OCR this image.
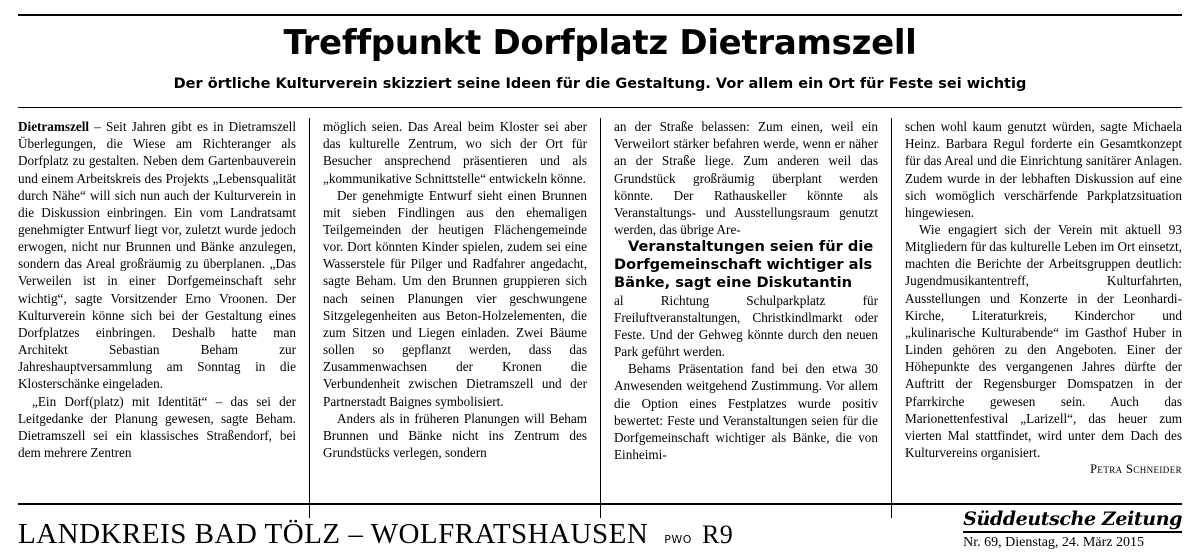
Treffpunkt Dorfplatz Dietramszell
Der örtliche Kulturverein skizziert seine Ideen für die Gestaltung. Vor allem ein Ort für Feste sei wichtig

Dietramszell – Seit Jahren gibt es in Dietramszell Überlegungen, die Wiese am Richteranger als Dorfplatz zu gestalten. Neben dem Gartenbauverein und einem Arbeitskreis des Projekts „Lebensqualität durch Nähe“ will sich nun auch der Kulturverein in die Diskussion einbringen. Ein vom Landratsamt genehmigter Entwurf liegt vor, zuletzt wurde jedoch erwogen, nicht nur Brunnen und Bänke anzulegen, sondern das Areal großräumig zu überplanen. „Das Verweilen ist in einer Dorfgemeinschaft sehr wichtig“, sagte Vorsitzender Erno Vroonen. Der Kulturverein könne sich bei der Gestaltung eines Dorfplatzes einbringen. Deshalb hatte man Architekt Sebastian Beham zur Jahreshauptversammlung am Sonntag in die Klosterschänke eingeladen.

„Ein Dorf(platz) mit Identität“ – das sei der Leitgedanke der Planung gewesen, sagte Beham. Dietramszell sei ein klassisches Straßendorf, bei dem mehrere Zentren

möglich seien. Das Areal beim Kloster sei aber das kulturelle Zentrum, wo sich der Ort für Besucher ansprechend präsentieren und als „kommunikative Schnittstelle“ entwickeln könne.

Der genehmigte Entwurf sieht einen Brunnen mit sieben Findlingen aus den ehemaligen Teilgemeinden der heutigen Flächengemeinde vor. Dort könnten Kinder spielen, zudem sei eine Wasserstele für Pilger und Radfahrer angedacht, sagte Beham. Um den Brunnen gruppieren sich nach seinen Planungen vier geschwungene Sitzgelegenheiten aus Beton-Holzelementen, die zum Sitzen und Liegen einladen. Zwei Bäume sollen so gepflanzt werden, dass das Zusammenwachsen der Kronen die Verbundenheit zwischen Dietramszell und der Partnerstadt Baignes symbolisiert.

Anders als in früheren Planungen will Beham Brunnen und Bänke nicht ins Zentrum des Grundstücks verlegen, sondern

an der Straße belassen: Zum einen, weil ein Verweilort stärker befahren werde, wenn er näher an der Straße liege. Zum anderen weil das Grundstück großräumig überplant werden könnte. Der Rathauskeller könnte als Veranstaltungs- und Ausstellungsraum genutzt werden, das übrige Are-

Veranstaltungen seien für die Dorfgemeinschaft wichtiger als Bänke, sagt eine Diskutantin

al Richtung Schulparkplatz für Freiluftveranstaltungen, Christkindlmarkt oder Feste. Und der Gehweg könnte durch den neuen Park geführt werden.

Behams Präsentation fand bei den etwa 30 Anwesenden weitgehend Zustimmung. Vor allem die Option eines Festplatzes wurde positiv bewertet: Feste und Veranstaltungen seien für die Dorfgemeinschaft wichtiger als Bänke, die von Einheimi-

schen wohl kaum genutzt würden, sagte Michaela Heinz. Barbara Regul forderte ein Gesamtkonzept für das Areal und die Einrichtung sanitärer Anlagen. Zudem wurde in der lebhaften Diskussion auf eine sich womöglich verschärfende Parkplatzsituation hingewiesen.

Wie engagiert sich der Verein mit aktuell 93 Mitgliedern für das kulturelle Leben im Ort einsetzt, machten die Berichte der Arbeitsgruppen deutlich: Jugendmusikantentreff, Kulturfahrten, Ausstellungen und Konzerte in der Leonhardi-Kirche, Literaturkreis, Kinderchor und „kulinarische Kulturabende“ im Gasthof Huber in Linden gehören zu den Angeboten. Einer der Höhepunkte des vergangenen Jahres dürfte der Auftritt der Regensburger Domspatzen in der Pfarrkirche gewesen sein. Auch das Marionettenfestival „Larizell“, das heuer zum vierten Mal stattfindet, wird unter dem Dach des Kulturvereins organisiert.

Petra Schneider

LANDKREIS BAD TÖLZ – WOLFRATSHAUSEN	PWO R9
Süddeutsche Zeitung
Nr. 69, Dienstag, 24. März 2015
